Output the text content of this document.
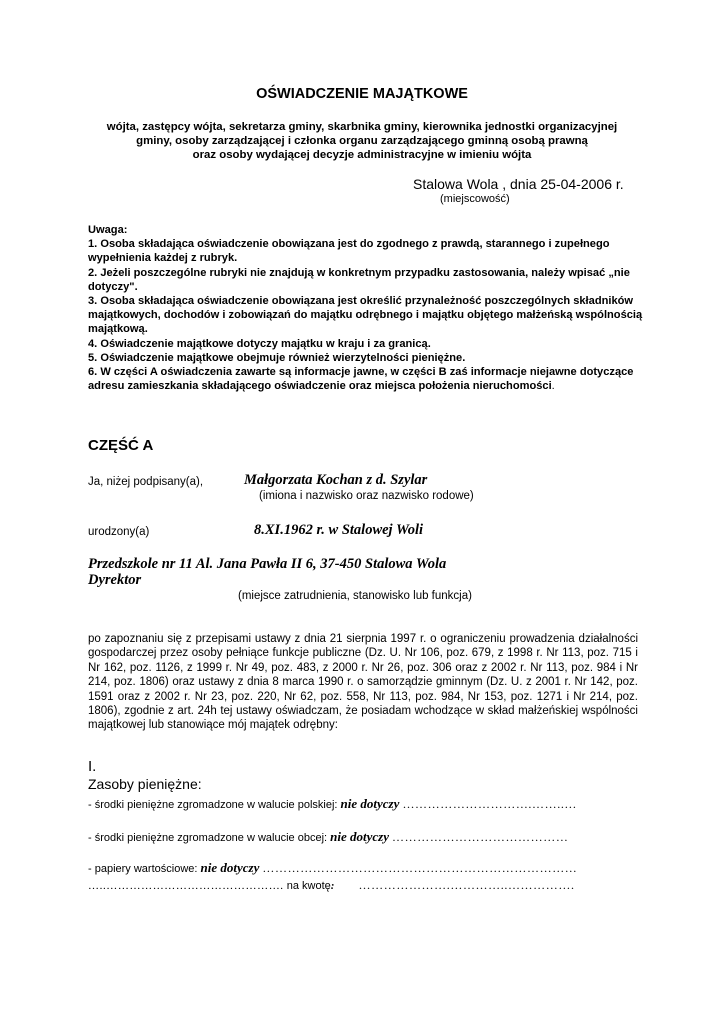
OŚWIADCZENIE MAJĄTKOWE
wójta, zastępcy wójta, sekretarza gminy, skarbnika gminy, kierownika jednostki organizacyjnej
gminy, osoby zarządzającej i członka organu zarządzającego gminną osobą prawną
oraz osoby wydającej decyzje administracyjne w imieniu wójta
Stalowa Wola , dnia 25-04-2006 r.
(miejscowość)

Uwaga:

1. Osoba składająca oświadczenie obowiązana jest do zgodnego z prawdą, starannego i zupełnego wypełnienia każdej z rubryk.

2. Jeżeli poszczególne rubryki nie znajdują w konkretnym przypadku zastosowania, należy wpisać „nie dotyczy".

3. Osoba składająca oświadczenie obowiązana jest określić przynależność poszczególnych składników majątkowych, dochodów i zobowiązań do majątku odrębnego i majątku objętego małżeńską wspólnością majątkową.

4. Oświadczenie majątkowe dotyczy majątku w kraju i za granicą.

5. Oświadczenie majątkowe obejmuje również wierzytelności pieniężne.

6. W części A oświadczenia zawarte są informacje jawne, w części B zaś informacje niejawne dotyczące adresu zamieszkania składającego oświadczenie oraz miejsca położenia nieruchomości.

CZĘŚĆ A
Ja, niżej podpisany(a),	Małgorzata Kochan z d. Szylar
(imiona i nazwisko oraz nazwisko rodowe)
urodzony(a)	8.XI.1962 r. w Stalowej Woli
Przedszkole nr 11 Al. Jana Pawła II 6, 37-450 Stalowa Wola
Dyrektor
(miejsce zatrudnienia, stanowisko lub funkcja)
po zapoznaniu się z przepisami ustawy z dnia 21 sierpnia 1997 r. o ograniczeniu prowadzenia działalności gospodarczej przez osoby pełniące funkcje publiczne (Dz. U. Nr 106, poz. 679, z 1998 r. Nr 113, poz. 715 i Nr 162, poz. 1126, z 1999 r. Nr 49, poz. 483, z 2000 r. Nr 26, poz. 306 oraz z 2002 r. Nr 113, poz. 984 i Nr 214, poz. 1806) oraz ustawy z dnia 8 marca 1990 r. o samorządzie gminnym (Dz. U. z 2001 r. Nr 142, poz. 1591 oraz z 2002 r. Nr 23, poz. 220, Nr 62, poz. 558, Nr 113, poz. 984, Nr 153, poz. 1271 i Nr 214, poz. 1806), zgodnie z art. 24h tej ustawy oświadczam, że posiadam wchodzące w skład małżeńskiej wspólności majątkowej lub stanowiące mój majątek odrębny:
I.
Zasoby pieniężne:
- środki pieniężne zgromadzone w walucie polskiej: nie dotyczy ………………………….……..…
- środki pieniężne zgromadzone w walucie obcej: nie dotyczy ……………………………………
- papiery wartościowe: nie dotyczy …………………………………………………………………
…..………………………………………. na kwotę: ………………….…………..…………….
